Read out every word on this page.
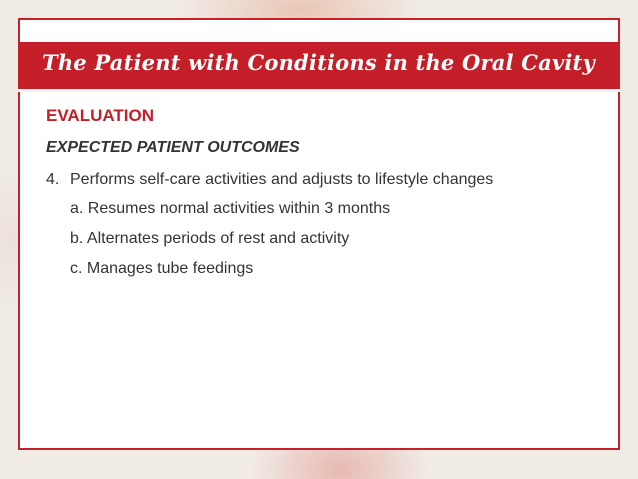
The Patient with Conditions in the Oral Cavity
EVALUATION
EXPECTED PATIENT OUTCOMES
4. Performs self-care activities and adjusts to lifestyle changes
a. Resumes normal activities within 3 months
b. Alternates periods of rest and activity
c. Manages tube feedings
